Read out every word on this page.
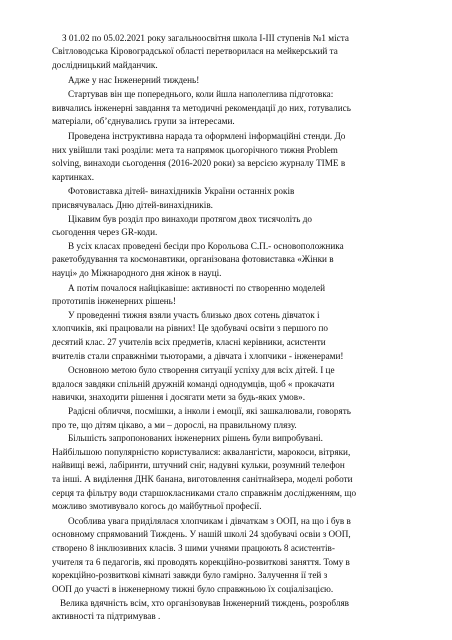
З 01.02 по 05.02.2021 року загальноосвітня школа І-ІІІ ступенів №1 міста
Світловодська Кіровоградської області перетворилася на мейкерський та
дослідницький майданчик.
Адже у нас Інженерний тиждень!
Стартував він ще попереднього, коли йшла наполеглива підготовка:
вивчались інженерні завдання та методичні рекомендації до них, готувались
матеріали, об’єднувались групи за інтересами.
Проведена інструктивна нарада та оформлені інформаційні стенди. До
них увійшли такі розділи: мета та напрямок цьогорічного тижня Problem
solving, винаходи сьогодення (2016-2020 роки) за версією журналу TIME в
картинках.
Фотовиставка дітей- винахідників України останніх років
присвячувалась Дню дітей-винахідників.
Цікавим був розділ про винаходи протягом двох тисячоліть до
сьогодення через GR-коди.
В усіх класах проведені бесіди про Корольова С.П.- основоположника
ракетобудування та космонавтики, організована фотовиставка «Жінки в
науці» до Міжнародного дня жінок в науці.
А потім почалося найцікавіше: активності по створенню моделей
прототипів інженерних рішень!
У проведенні тижня взяли участь близько двох сотень дівчаток і
хлопчиків, які працювали на рівних! Це здобувачі освіти з першого по
десятий клас. 27 учителів всіх предметів, класні керівники, асистенти
вчителів стали справжніми тьюторами, а дівчата і хлопчики - інженерами!
Основною метою було створення ситуації успіху для всіх дітей. І це
вдалося завдяки спільній дружній команді однодумців, щоб « прокачати
навички, знаходити рішення і досягати мети за будь-яких умов».
Радісні обличчя, посмішки, а інколи і емоції, які зашкалювали, говорять
про те, що дітям цікаво, а ми – дорослі, на правильному плязу.
Більшість запропонованих інженерних рішень були випробувані.
Найбільшою популярністю користувалися: аквалангісти, марокоси, вітряки,
найвищі вежі, лабіринти, штучний сніг, надувні кульки, розумний телефон
та інші. А виділення ДНК банана, виготовлення санітнайзера, моделі роботи
серця та фільтру води старшокласниками стало справжнім дослідженням, що
можливо змотивувало когось до майбутньої професії.
Особлива увага приділялася хлопчикам і дівчаткам з ООП, на що і був в
основному спрямований Тиждень. У нашій школі 24 здобувачі освіи з ООП,
створено 8 інклюзивних класів. З шими учнями працюють 8 асистентів-
учителя та 6 педагогів, які проводять корекційно-розвиткові заняття. Тому в
корекційно-розвиткові кімнаті завжди було гамірно. Залучення ії тей з
ООП до участі в інженерному тижні було справжньою їх соціалізацією.
Велика вдячність всім, хто організовував Інженерний тиждень, розробляв
активності та підтримував .
